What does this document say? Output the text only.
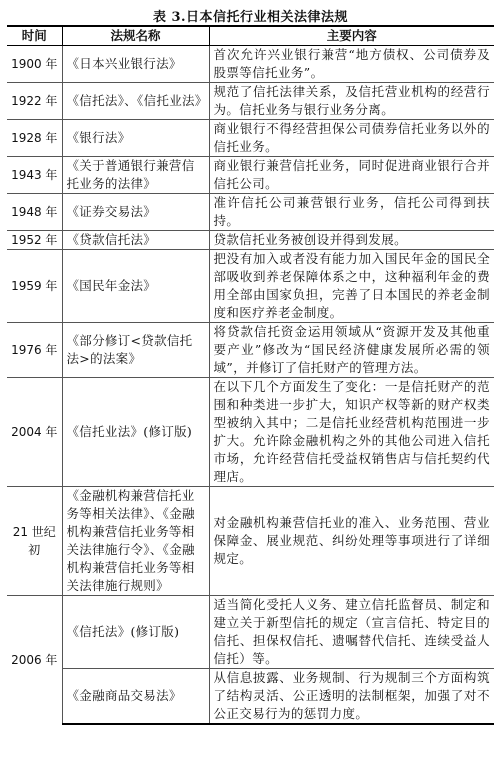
表 3.日本信托行业相关法律法规
时间	法规名称	主要内容
1900 年	《日本兴业银行法》	首次允许兴业银行兼营“地方债权、公司债券及股票等信托业务”。
1922 年	《信托法》、《信托业法》	规范了信托法律关系，及信托营业机构的经营行为。信托业务与银行业务分离。
1928 年	《银行法》	商业银行不得经营担保公司债券信托业务以外的信托业务。
1943 年	《关于普通银行兼营信托业务的法律》	商业银行兼营信托业务，同时促进商业银行合并信托公司。
1948 年	《证券交易法》	准许信托公司兼营银行业务，信托公司得到扶持。
1952 年	《贷款信托法》	贷款信托业务被创设并得到发展。
1959 年	《国民年金法》	把没有加入或者没有能力加入国民年金的国民全部吸收到养老保障体系之中，这种福利年金的费用全部由国家负担，完善了日本国民的养老金制度和医疗养老金制度。
1976 年	《部分修订<贷款信托法>的法案》	将贷款信托资金运用领域从“资源开发及其他重要产业”修改为“国民经济健康发展所必需的领域”，并修订了信托财产的管理方法。
2004 年	《信托业法》(修订版)	在以下几个方面发生了变化：一是信托财产的范围和种类进一步扩大，知识产权等新的财产权类型被纳入其中；二是信托业经营机构范围进一步扩大。允许除金融机构之外的其他公司进入信托市场，允许经营信托受益权销售店与信托契约代理店。
21 世纪初	《金融机构兼营信托业务等相关法律》、《金融机构兼营信托业务等相关法律施行令》、《金融机构兼营信托业务等相关法律施行规则》	对金融机构兼营信托业的准入、业务范围、营业保障金、展业规范、纠纷处理等事项进行了详细规定。
2006 年	《信托法》(修订版)	适当简化受托人义务、建立信托监督员、制定和建立关于新型信托的规定（宣言信托、特定目的信托、担保权信托、遗嘱替代信托、连续受益人信托）等。
	《金融商品交易法》	从信息披露、业务规制、行为规制三个方面构筑了结构灵活、公正透明的法制框架，加强了对不公正交易行为的惩罚力度。
